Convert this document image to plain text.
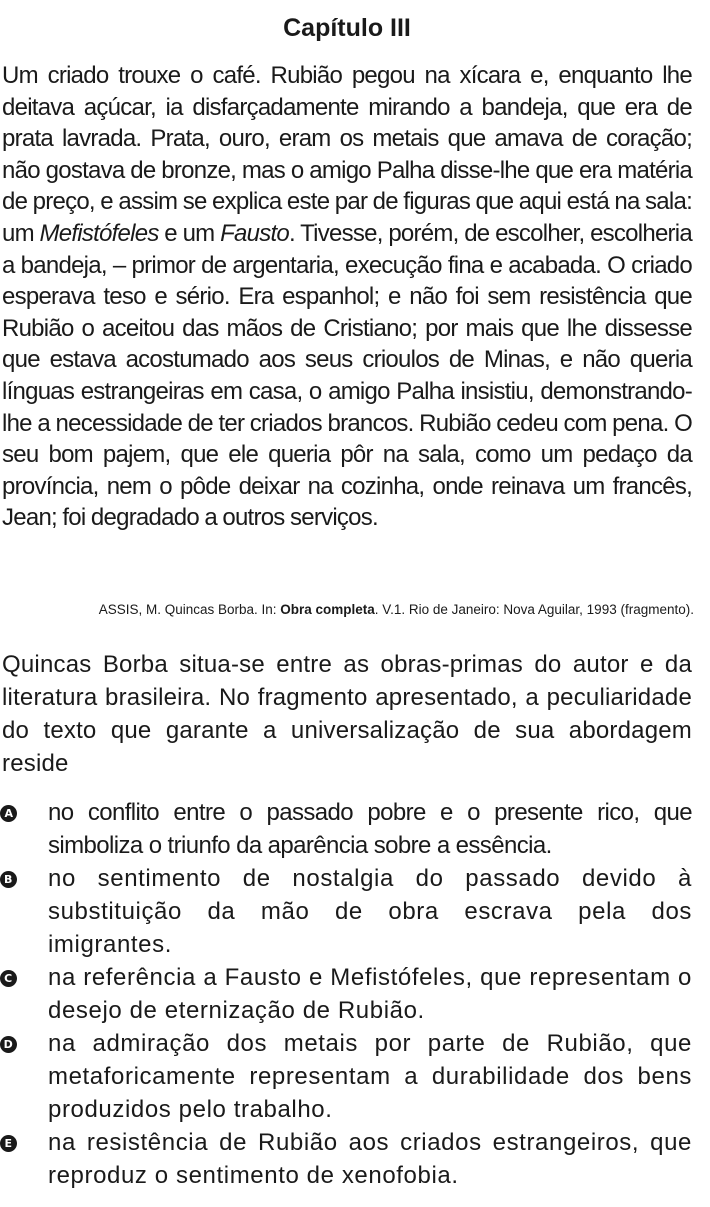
Capítulo III

Um criado trouxe o café. Rubião pegou na xícara e, enquanto lhe deitava açúcar, ia disfarçadamente mirando a bandeja, que era de prata lavrada. Prata, ouro, eram os metais que amava de coração; não gostava de bronze, mas o amigo Palha disse-lhe que era matéria de preço, e assim se explica este par de figuras que aqui está na sala: um Mefistófeles e um Fausto. Tivesse, porém, de escolher, escolheria a bandeja, – primor de argentaria, execução fina e acabada. O criado esperava teso e sério. Era espanhol; e não foi sem resistência que Rubião o aceitou das mãos de Cristiano; por mais que lhe dissesse que estava acostumado aos seus crioulos de Minas, e não queria línguas estrangeiras em casa, o amigo Palha insistiu, demonstrando-lhe a necessidade de ter criados brancos. Rubião cedeu com pena. O seu bom pajem, que ele queria pôr na sala, como um pedaço da província, nem o pôde deixar na cozinha, onde reinava um francês, Jean; foi degradado a outros serviços.

ASSIS, M. Quincas Borba. In: Obra completa. V.1. Rio de Janeiro: Nova Aguilar, 1993 (fragmento).

Quincas Borba situa-se entre as obras-primas do autor e da literatura brasileira. No fragmento apresentado, a peculiaridade do texto que garante a universalização de sua abordagem reside

A no conflito entre o passado pobre e o presente rico, que simboliza o triunfo da aparência sobre a essência.
B no sentimento de nostalgia do passado devido à substituição da mão de obra escrava pela dos imigrantes.
C na referência a Fausto e Mefistófeles, que representam o desejo de eternização de Rubião.
D na admiração dos metais por parte de Rubião, que metaforicamente representam a durabilidade dos bens produzidos pelo trabalho.
E na resistência de Rubião aos criados estrangeiros, que reproduz o sentimento de xenofobia.
